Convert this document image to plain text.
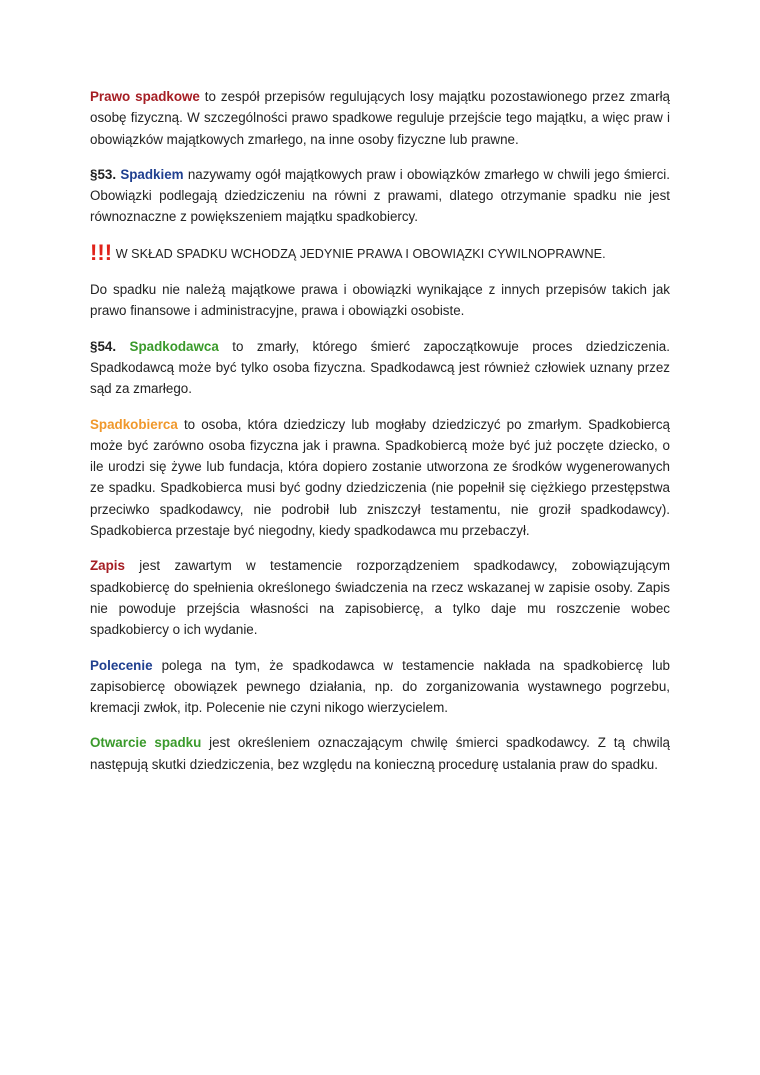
Prawo spadkowe to zespół przepisów regulujących losy majątku pozostawionego przez zmarłą osobę fizyczną. W szczególności prawo spadkowe reguluje przejście tego majątku, a więc praw i obowiązków majątkowych zmarłego, na inne osoby fizyczne lub prawne.

§53. Spadkiem nazywamy ogół majątkowych praw i obowiązków zmarłego w chwili jego śmierci. Obowiązki podlegają dziedziczeniu na równi z prawami, dlatego otrzymanie spadku nie jest równoznaczne z powiększeniem majątku spadkobiercy.

!!! W SKŁAD SPADKU WCHODZĄ JEDYNIE PRAWA I OBOWIĄZKI CYWILNOPRAWNE.

Do spadku nie należą majątkowe prawa i obowiązki wynikające z innych przepisów takich jak prawo finansowe i administracyjne, prawa i obowiązki osobiste.

§54. Spadkodawca to zmarły, którego śmierć zapoczątkowuje proces dziedziczenia. Spadkodawcą może być tylko osoba fizyczna. Spadkodawcą jest również człowiek uznany przez sąd za zmarłego.

Spadkobierca to osoba, która dziedziczy lub mogłaby dziedziczyć po zmarłym. Spadkobiercą może być zarówno osoba fizyczna jak i prawna. Spadkobiercą może być już poczęte dziecko, o ile urodzi się żywe lub fundacja, która dopiero zostanie utworzona ze środków wygenerowanych ze spadku. Spadkobierca musi być godny dziedziczenia (nie popełnił się ciężkiego przestępstwa przeciwko spadkodawcy, nie podrobił lub zniszczył testamentu, nie groził spadkodawcy). Spadkobierca przestaje być niegodny, kiedy spadkodawca mu przebaczył.

Zapis jest zawartym w testamencie rozporządzeniem spadkodawcy, zobowiązującym spadkobiercę do spełnienia określonego świadczenia na rzecz wskazanej w zapisie osoby. Zapis nie powoduje przejścia własności na zapisobiercę, a tylko daje mu roszczenie wobec spadkobiercy o ich wydanie.

Polecenie polega na tym, że spadkodawca w testamencie nakłada na spadkobiercę lub zapisobiercę obowiązek pewnego działania, np. do zorganizowania wystawnego pogrzebu, kremacji zwłok, itp. Polecenie nie czyni nikogo wierzycielem.

Otwarcie spadku jest określeniem oznaczającym chwilę śmierci spadkodawcy. Z tą chwilą następują skutki dziedziczenia, bez względu na konieczną procedurę ustalania praw do spadku.
